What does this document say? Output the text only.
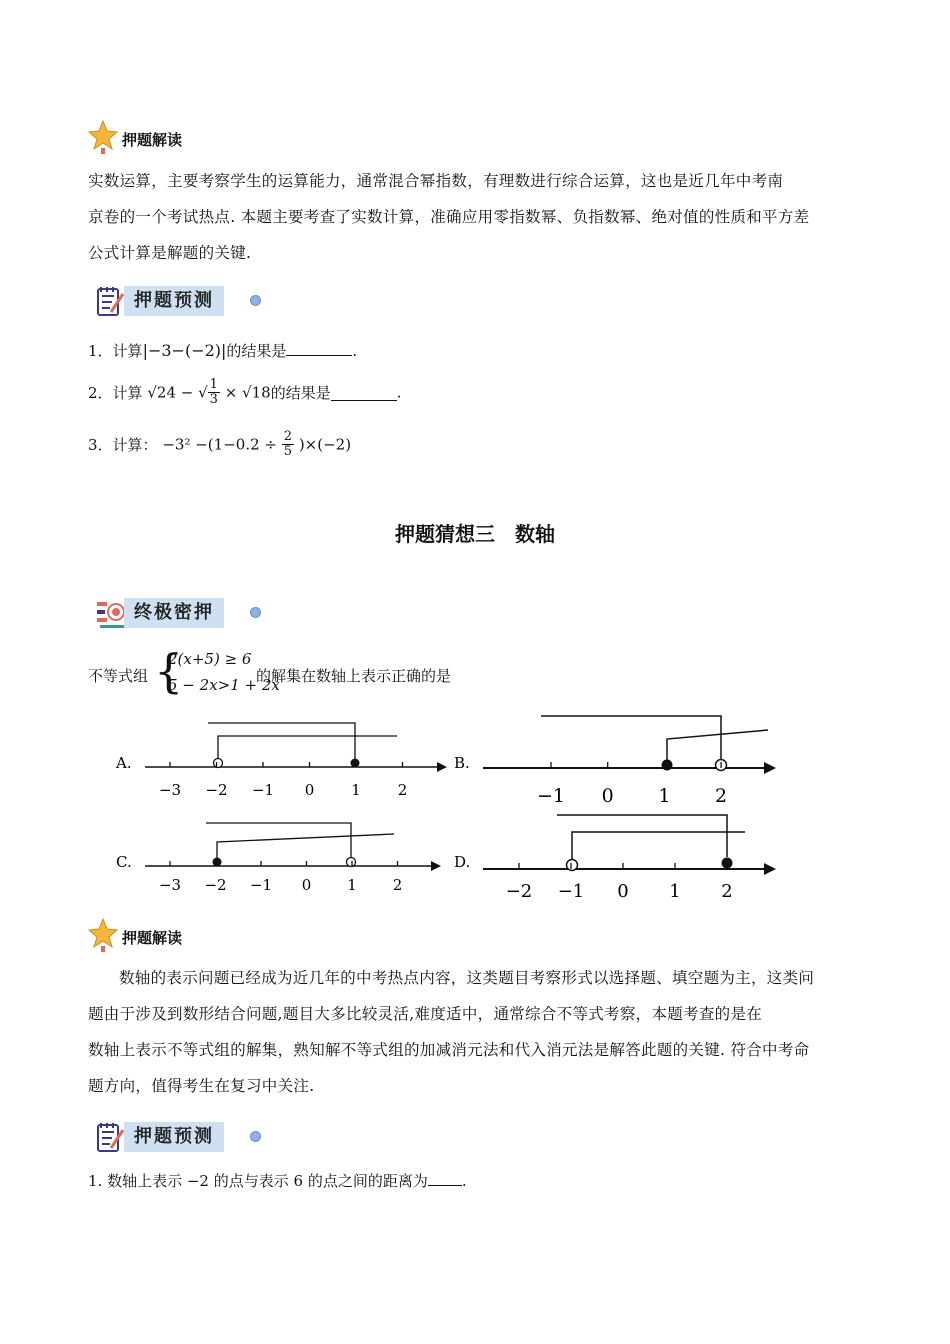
押题解读
实数运算，主要考察学生的运算能力，通常混合幂指数，有理数进行综合运算，这也是近几年中考南
京卷的一个考试热点. 本题主要考查了实数计算，准确应用零指数幂、负指数幂、绝对值的性质和平方差
公式计算是解题的关键.
押题预测
1．计算|−3−(−2)|的结果是	.
2．计算 √24 − √ $\frac{1}{3} \times √18$的结果是	.
3．计算： $-3^2 -(1-0.2 \div \frac{2}{5} )\times(-2)$
押题猜想三　数轴
终极密押
不等式组 {
2(x+5) ≥ 6
5 − 2x>1 + 2x
的解集在数轴上表示正确的是
A.
−3 −2 −1 0 1 2
B.
−1 0 1 2
C.
−3 −2 −1 0 1 2
D.
−2 −1 0 1 2
押题解读
数轴的表示问题已经成为近几年的中考热点内容，这类题目考察形式以选择题、填空题为主，这类问
题由于涉及到数形结合问题,题目大多比较灵活,难度适中，通常综合不等式考察，本题考查的是在
数轴上表示不等式组的解集，熟知解不等式组的加减消元法和代入消元法是解答此题的关键. 符合中考命
题方向，值得考生在复习中关注.
押题预测
1. 数轴上表示 −2 的点与表示 6 的点之间的距离为 .
